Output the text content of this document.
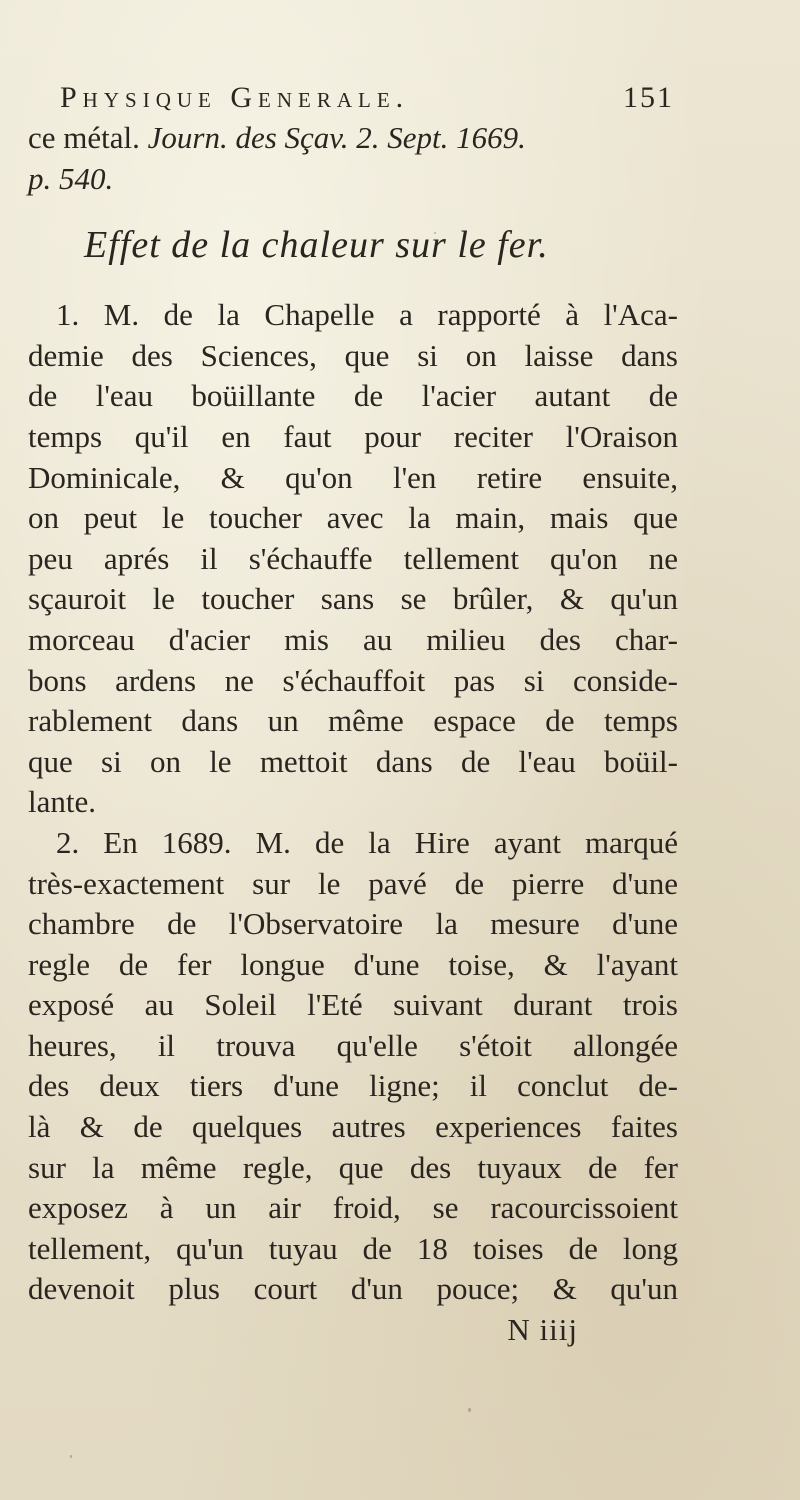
Physique Generale.	151
ce métal. Journ. des Sçav. 2. Sept. 1669.
p. 540.
Effet de la chaleur sur le fer.

1. M. de la Chapelle a rapporté à l'Aca-

demie des Sciences, que si on laisse dans

de l'eau boüillante de l'acier autant de

temps qu'il en faut pour reciter l'Oraison

Dominicale, & qu'on l'en retire ensuite,

on peut le toucher avec la main, mais que

peu aprés il s'échauffe tellement qu'on ne

sçauroit le toucher sans se brûler, & qu'un

morceau d'acier mis au milieu des char-

bons ardens ne s'échauffoit pas si conside-

rablement dans un même espace de temps

que si on le mettoit dans de l'eau boüil-

lante.

2. En 1689. M. de la Hire ayant marqué

très-exactement sur le pavé de pierre d'une

chambre de l'Observatoire la mesure d'une

regle de fer longue d'une toise, & l'ayant

exposé au Soleil l'Eté suivant durant trois

heures, il trouva qu'elle s'étoit allongée

des deux tiers d'une ligne; il conclut de-

là & de quelques autres experiences faites

sur la même regle, que des tuyaux de fer

exposez à un air froid, se racourcissoient

tellement, qu'un tuyau de 18 toises de long

devenoit plus court d'un pouce; & qu'un

N iiij
